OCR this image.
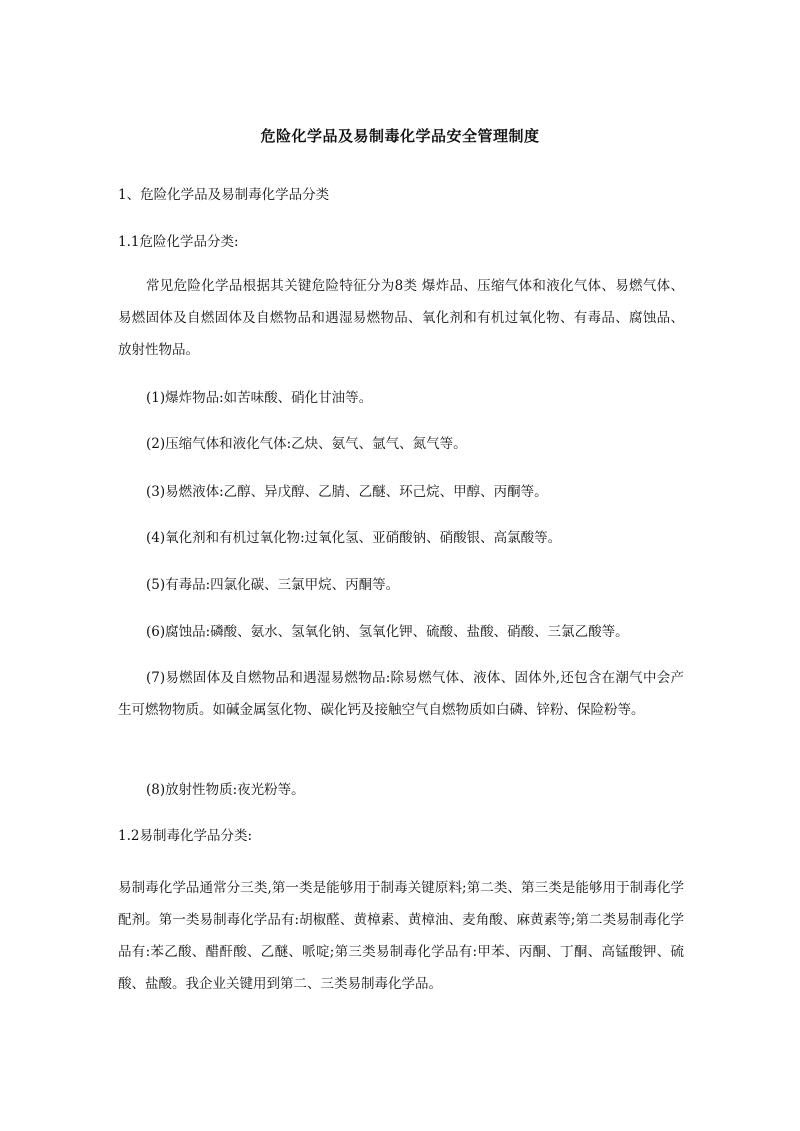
危险化学品及易制毒化学品安全管理制度
1、危险化学品及易制毒化学品分类
1.1危险化学品分类:
常见危险化学品根据其关键危险特征分为8类 爆炸品、压缩气体和液化气体、易燃气体、易燃固体及自燃固体及自燃物品和遇湿易燃物品、氧化剂和有机过氧化物、有毒品、腐蚀品、放射性物品。
(1)爆炸物品:如苦味酸、硝化甘油等。
(2)压缩气体和液化气体:乙炔、氨气、氩气、氮气等。
(3)易燃液体:乙醇、异戊醇、乙腈、乙醚、环己烷、甲醇、丙酮等。
(4)氧化剂和有机过氧化物:过氧化氢、亚硝酸钠、硝酸银、高氯酸等。
(5)有毒品:四氯化碳、三氯甲烷、丙酮等。
(6)腐蚀品:磷酸、氨水、氢氧化钠、氢氧化钾、硫酸、盐酸、硝酸、三氯乙酸等。
(7)易燃固体及自燃物品和遇湿易燃物品:除易燃气体、液体、固体外,还包含在潮气中会产生可燃物物质。如碱金属氢化物、碳化钙及接触空气自燃物质如白磷、锌粉、保险粉等。
(8)放射性物质:夜光粉等。
1.2易制毒化学品分类:
易制毒化学品通常分三类,第一类是能够用于制毒关键原料;第二类、第三类是能够用于制毒化学配剂。第一类易制毒化学品有:胡椒醛、黄樟素、黄樟油、麦角酸、麻黄素等;第二类易制毒化学品有:苯乙酸、醋酐酸、乙醚、哌啶;第三类易制毒化学品有:甲苯、丙酮、丁酮、高锰酸钾、硫酸、盐酸。我企业关键用到第二、三类易制毒化学品。
